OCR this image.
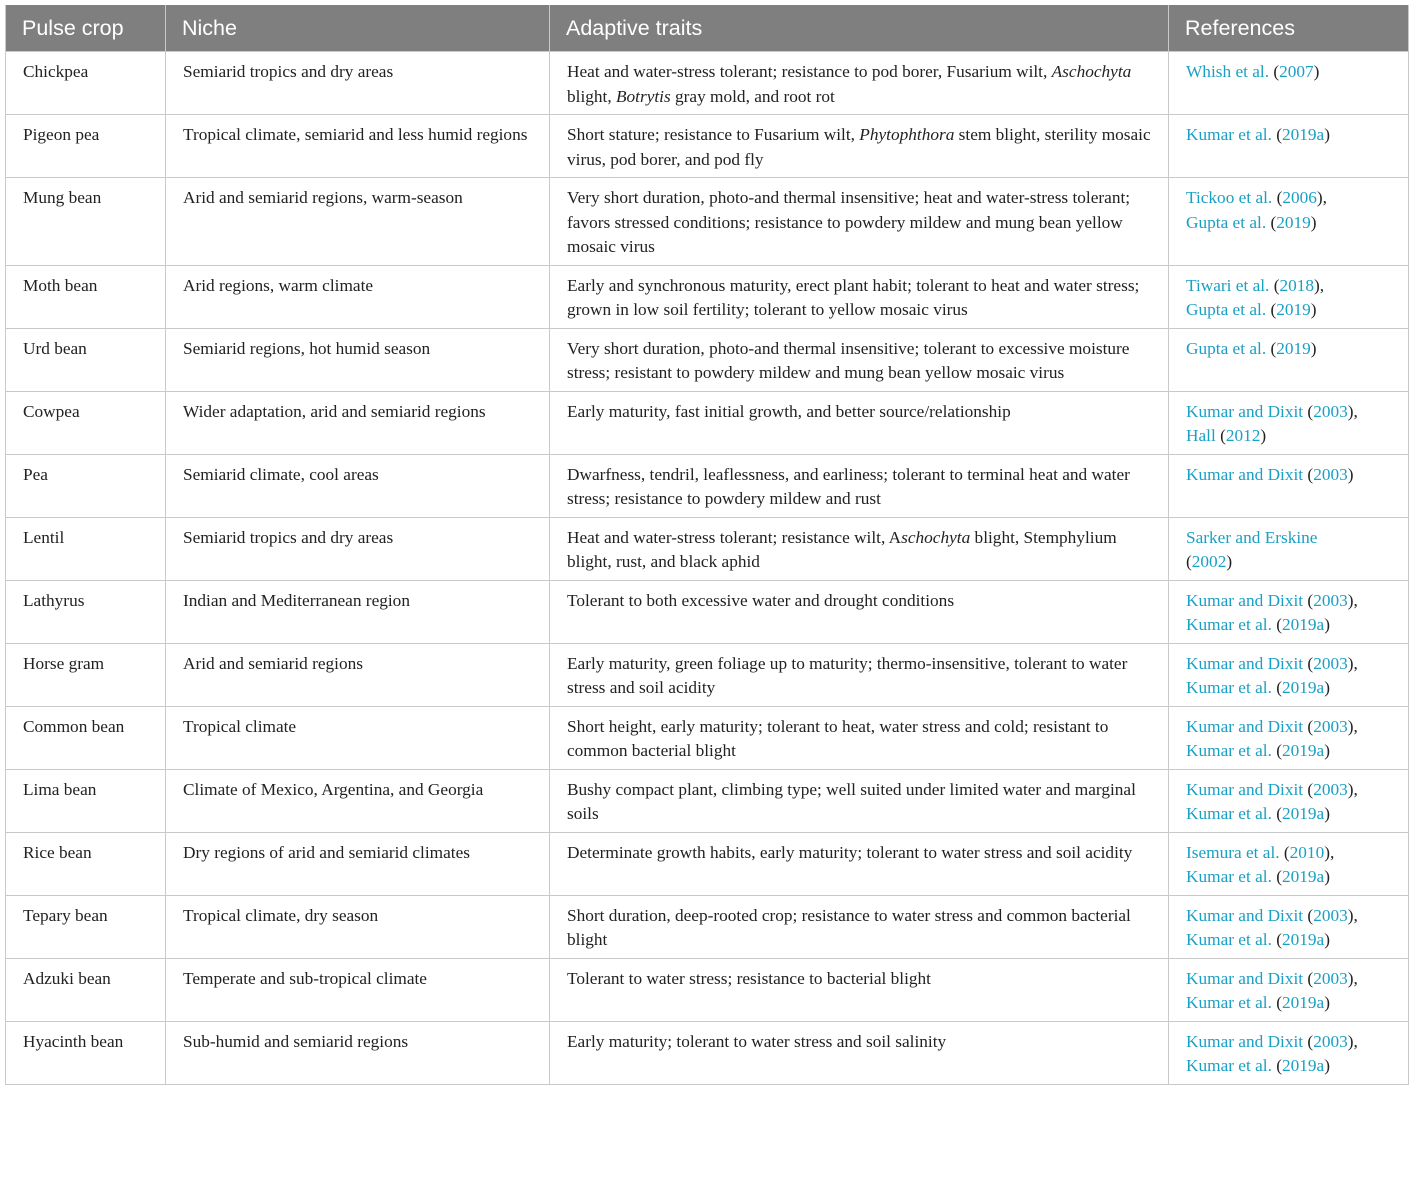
Pulse crop	Niche	Adaptive traits	References
Chickpea	Semiarid tropics and dry areas	Heat and water-stress tolerant; resistance to pod borer, Fusarium wilt, Aschochyta blight, Botrytis gray mold, and root rot	Whish et al. (2007)

Pigeon pea	Tropical climate, semiarid and less humid regions	Short stature; resistance to Fusarium wilt, Phytophthora stem blight, sterility mosaic virus, pod borer, and pod fly	Kumar et al. (2019a)

Mung bean	Arid and semiarid regions, warm-season	Very short duration, photo-and thermal insensitive; heat and water-stress tolerant; favors stressed conditions; resistance to powdery mildew and mung bean yellow mosaic virus	Tickoo et al. (2006),
Gupta et al. (2019)

Moth bean	Arid regions, warm climate	Early and synchronous maturity, erect plant habit; tolerant to heat and water stress; grown in low soil fertility; tolerant to yellow mosaic virus	Tiwari et al. (2018),
Gupta et al. (2019)

Urd bean	Semiarid regions, hot humid season	Very short duration, photo-and thermal insensitive; tolerant to excessive moisture stress; resistant to powdery mildew and mung bean yellow mosaic virus	Gupta et al. (2019)

Cowpea	Wider adaptation, arid and semiarid regions	Early maturity, fast initial growth, and better source/relationship	Kumar and Dixit (2003),
Hall (2012)

Pea	Semiarid climate, cool areas	Dwarfness, tendril, leaflessness, and earliness; tolerant to terminal heat and water stress; resistance to powdery mildew and rust	Kumar and Dixit (2003)

Lentil	Semiarid tropics and dry areas	Heat and water-stress tolerant; resistance wilt, Aschochyta blight, Stemphylium blight, rust, and black aphid	Sarker and Erskine
(2002)

Lathyrus	Indian and Mediterranean region	Tolerant to both excessive water and drought conditions	Kumar and Dixit (2003),
Kumar et al. (2019a)

Horse gram	Arid and semiarid regions	Early maturity, green foliage up to maturity; thermo-insensitive, tolerant to water stress and soil acidity	Kumar and Dixit (2003),
Kumar et al. (2019a)

Common bean	Tropical climate	Short height, early maturity; tolerant to heat, water stress and cold; resistant to common bacterial blight	Kumar and Dixit (2003),
Kumar et al. (2019a)

Lima bean	Climate of Mexico, Argentina, and Georgia	Bushy compact plant, climbing type; well suited under limited water and marginal soils	Kumar and Dixit (2003),
Kumar et al. (2019a)

Rice bean	Dry regions of arid and semiarid climates	Determinate growth habits, early maturity; tolerant to water stress and soil acidity	Isemura et al. (2010),
Kumar et al. (2019a)

Tepary bean	Tropical climate, dry season	Short duration, deep-rooted crop; resistance to water stress and common bacterial blight	Kumar and Dixit (2003),
Kumar et al. (2019a)

Adzuki bean	Temperate and sub-tropical climate	Tolerant to water stress; resistance to bacterial blight	Kumar and Dixit (2003),
Kumar et al. (2019a)

Hyacinth bean	Sub-humid and semiarid regions	Early maturity; tolerant to water stress and soil salinity	Kumar and Dixit (2003),
Kumar et al. (2019a)
